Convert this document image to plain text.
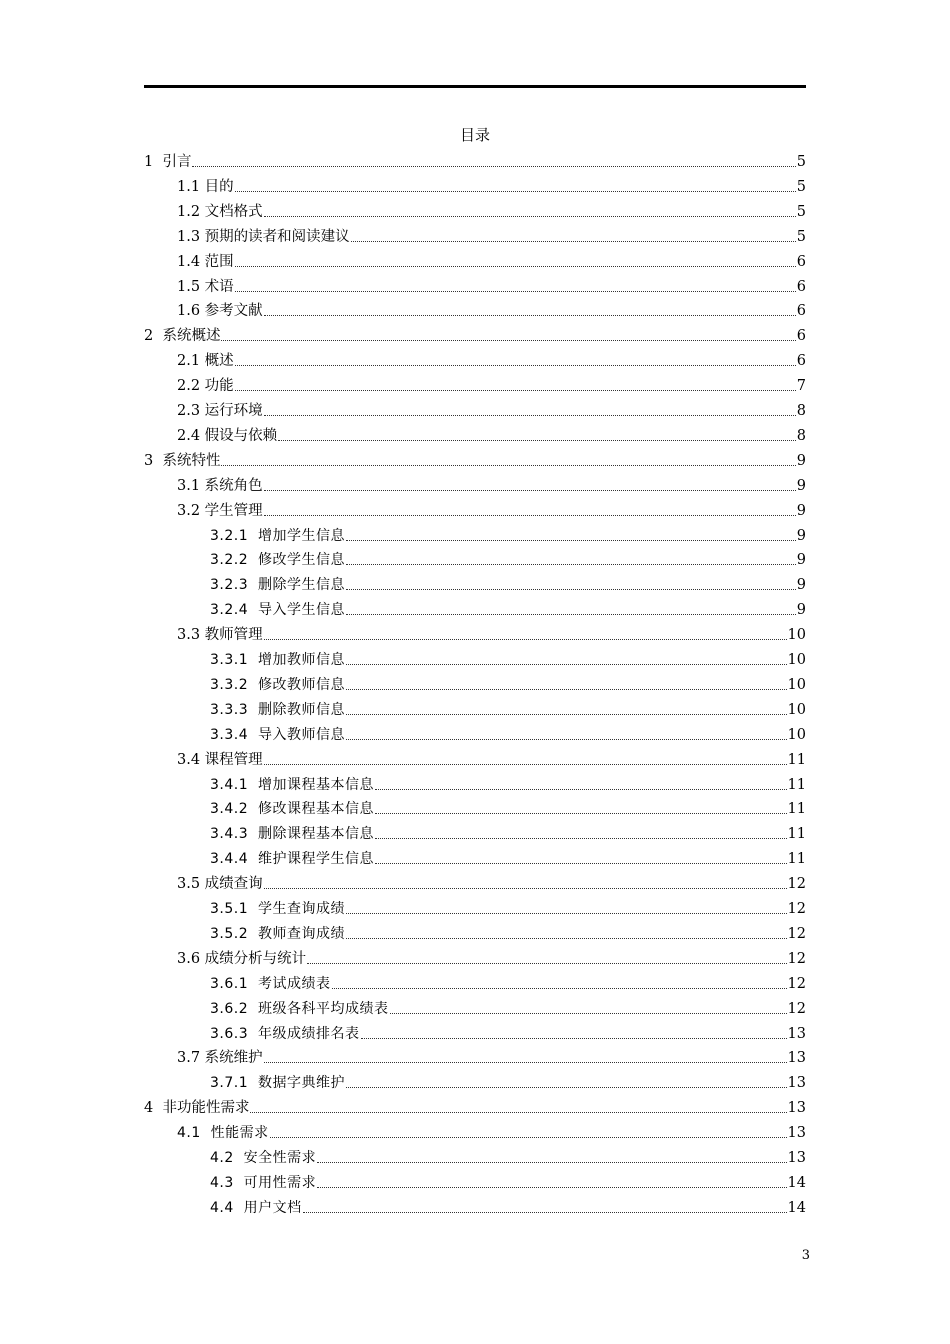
目录
1 引言	5
1.1 目的	5
1.2 文档格式	5
1.3 预期的读者和阅读建议	5
1.4 范围	6
1.5 术语	6
1.6 参考文献	6
2 系统概述	6
2.1 概述	6
2.2 功能	7
2.3 运行环境	8
2.4 假设与依赖	8
3 系统特性	9
3.1 系统角色	9
3.2 学生管理	9
3.2.1 增加学生信息	9
3.2.2 修改学生信息	9
3.2.3 删除学生信息	9
3.2.4 导入学生信息	9
3.3 教师管理	10
3.3.1 增加教师信息	10
3.3.2 修改教师信息	10
3.3.3 删除教师信息	10
3.3.4 导入教师信息	10
3.4 课程管理	11
3.4.1 增加课程基本信息	11
3.4.2 修改课程基本信息	11
3.4.3 删除课程基本信息	11
3.4.4 维护课程学生信息	11
3.5 成绩查询	12
3.5.1 学生查询成绩	12
3.5.2 教师查询成绩	12
3.6 成绩分析与统计	12
3.6.1 考试成绩表	12
3.6.2 班级各科平均成绩表	12
3.6.3 年级成绩排名表	13
3.7 系统维护	13
3.7.1 数据字典维护	13
4 非功能性需求	13
4.1 性能需求	13
4.2 安全性需求	13
4.3 可用性需求	14
4.4 用户文档	14
3
